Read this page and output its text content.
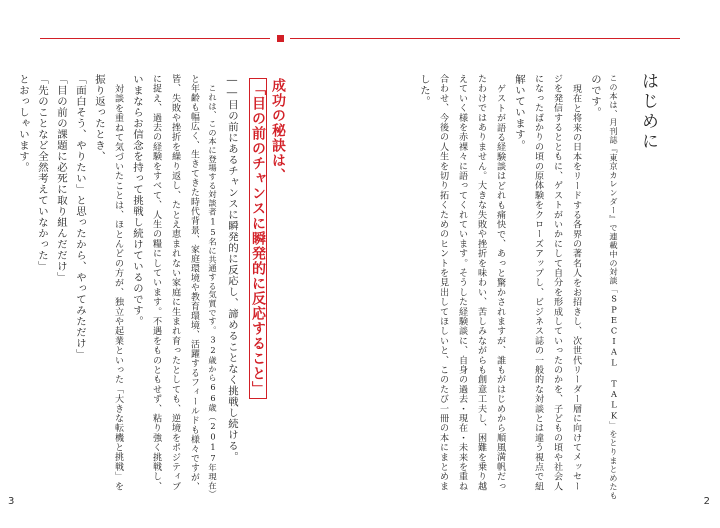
はじめに
この本は、月刊誌『東京カレンダー』で連載中の対談「SPECIAL TALK」をとりまとめたも
のです。
現在と将来の日本をリードする各界の著名人をお招きし、次世代リーダー層に向けてメッセー
ジを発信するとともに、ゲストがいかにして自分を形成していったのかを、子どもの頃や社会人
になったばかりの頃の原体験をクローズアップし、ビジネス誌の一般的な対談とは違う視点で紐
解いています。
ゲストが語る経験談はどれも痛快で、あっと驚かされますが、誰もがはじめから順風満帆だっ
たわけではありません。大きな失敗や挫折を味わい、苦しみながらも創意工夫し、困難を乗り越
えていく様を赤裸々に語ってくれています。そうした経験談に、自身の過去・現在・未来を重ね
合わせ、今後の人生を切り拓くためのヒントを見出してほしいと、このたび一冊の本にまとめま
した。
2
成功の秘訣は、
「目の前のチャンスに瞬発的に反応すること」
――目の前にあるチャンスに瞬発的に反応し、諦めることなく挑戦し続ける。
これは、この本に登場する対談者15名に共通する気質です。32歳から66歳（2017年現在）
と年齢も幅広く、生きてきた時代背景、家庭環境や教育環境、活躍するフィールドも様々ですが、
皆、失敗や挫折を繰り返し、たとえ恵まれない家庭に生まれ育ったとしても、逆境をポジティブ
に捉え、過去の経験をすべて、人生の糧にしています。不遇をものともせず、粘り強く挑戦し、
いまならお信念を持って挑戦し続けているのです。
対談を重ねて気づいたことは、ほとんどの方が、独立や起業といった「大きな転機と挑戦」を
振り返ったとき、
「面白そう、やりたい」と思ったから、やってみただけ」
「目の前の課題に必死に取り組んだだけ」
「先のことなど全然考えていなかった」
とおっしゃいます。
3
